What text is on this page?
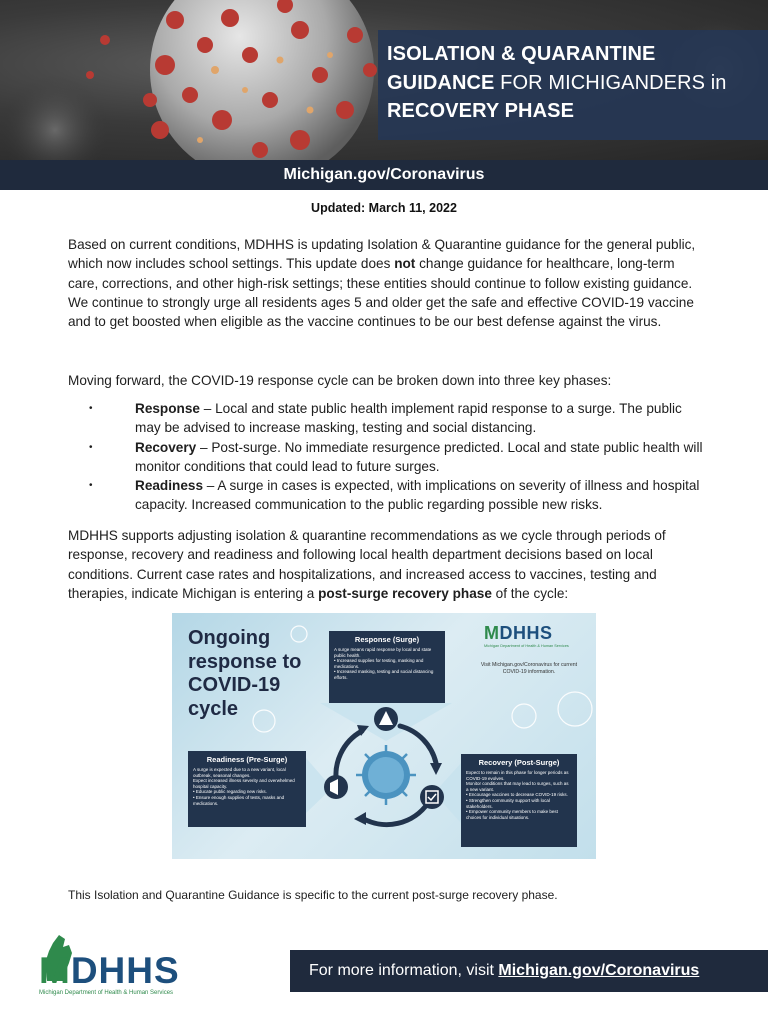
ISOLATION & QUARANTINE
GUIDANCE FOR MICHIGANDERS in
RECOVERY PHASE
Michigan.gov/Coronavirus
Updated: March 11, 2022
Based on current conditions, MDHHS is updating Isolation & Quarantine guidance for the general public, which now includes school settings. This update does not change guidance for healthcare, long-term care, corrections, and other high-risk settings; these entities should continue to follow existing guidance. We continue to strongly urge all residents ages 5 and older get the safe and effective COVID-19 vaccine and to get boosted when eligible as the vaccine continues to be our best defense against the virus.
Moving forward, the COVID-19 response cycle can be broken down into three key phases:
•	Response – Local and state public health implement rapid response to a surge. The public may be advised to increase masking, testing and social distancing.
•	Recovery – Post-surge. No immediate resurgence predicted. Local and state public health will monitor conditions that could lead to future surges.
•	Readiness – A surge in cases is expected, with implications on severity of illness and hospital capacity. Increased communication to the public regarding possible new risks.
MDHHS supports adjusting isolation & quarantine recommendations as we cycle through periods of response, recovery and readiness and following local health department decisions based on local conditions. Current case rates and hospitalizations, and increased access to vaccines, testing and therapies, indicate Michigan is entering a post-surge recovery phase of the cycle:
Ongoing response to COVID-19 cycle
Response (Surge)
A surge means rapid response by local and state public health.
• Increased supplies for testing, masking and medications.
• Increased masking, testing and social distancing efforts.
Readiness (Pre-Surge)
A surge is expected due to a new variant, local outbreak, seasonal changes.
Expect increased illness severity and overwhelmed hospital capacity.
• Educate public regarding new risks.
• Ensure enough supplies of tests, masks and medications.
Recovery (Post-Surge)
Expect to remain in this phase for longer periods as COVID-19 evolves.
Monitor conditions that may lead to surges, such as a new variant.
• Encourage vaccines to decrease COVID-19 risks.
• Strengthen community support with local stakeholders.
• Empower community members to make best choices for individual situations.
MDHHS
Michigan Department of Health & Human Services
Visit Michigan.gov/Coronavirus for current COVID-19 information.
This Isolation and Quarantine Guidance is specific to the current post-surge recovery phase.
MDHHS
Michigan Department of Health & Human Services
For more information, visit Michigan.gov/Coronavirus
